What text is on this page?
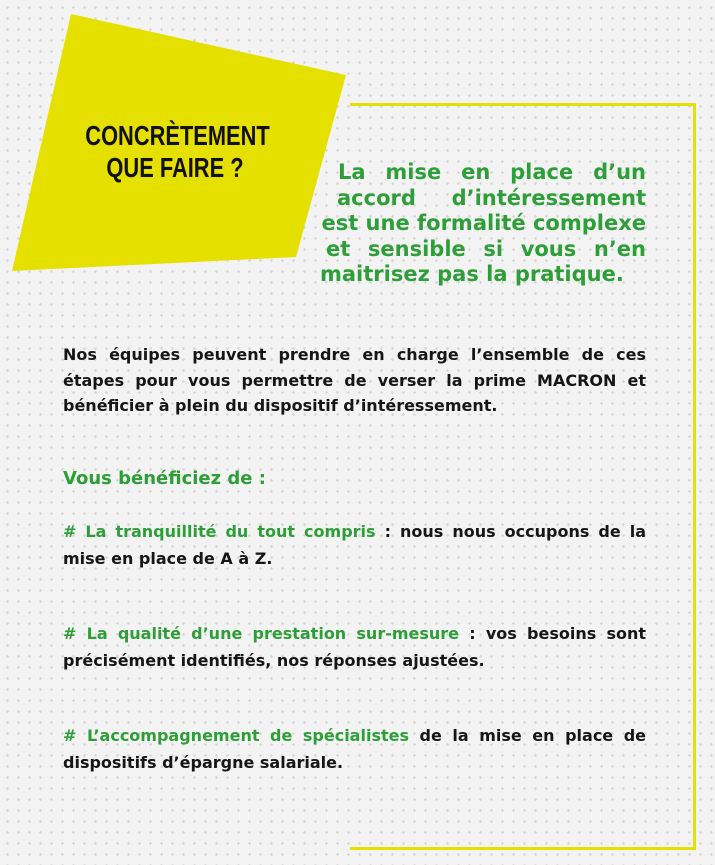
CONCRÈTEMENT
QUE FAIRE ?	La mise en place d’un
accord d’intéressement
est une formalité complexe
et sensible si vous n’en
maitrisez pas la pratique.

Nos équipes peuvent prendre en charge l’ensemble de ces
étapes pour vous permettre de verser la prime MACRON et
bénéficier à plein du dispositif d’intéressement.

Vous bénéficiez de :

# La tranquillité du tout compris : nous nous occupons de la
mise en place de A à Z.

# La qualité d’une prestation sur-mesure : vos besoins sont
précisément identifiés, nos réponses ajustées.

# L’accompagnement de spécialistes de la mise en place de
dispositifs d’épargne salariale.
